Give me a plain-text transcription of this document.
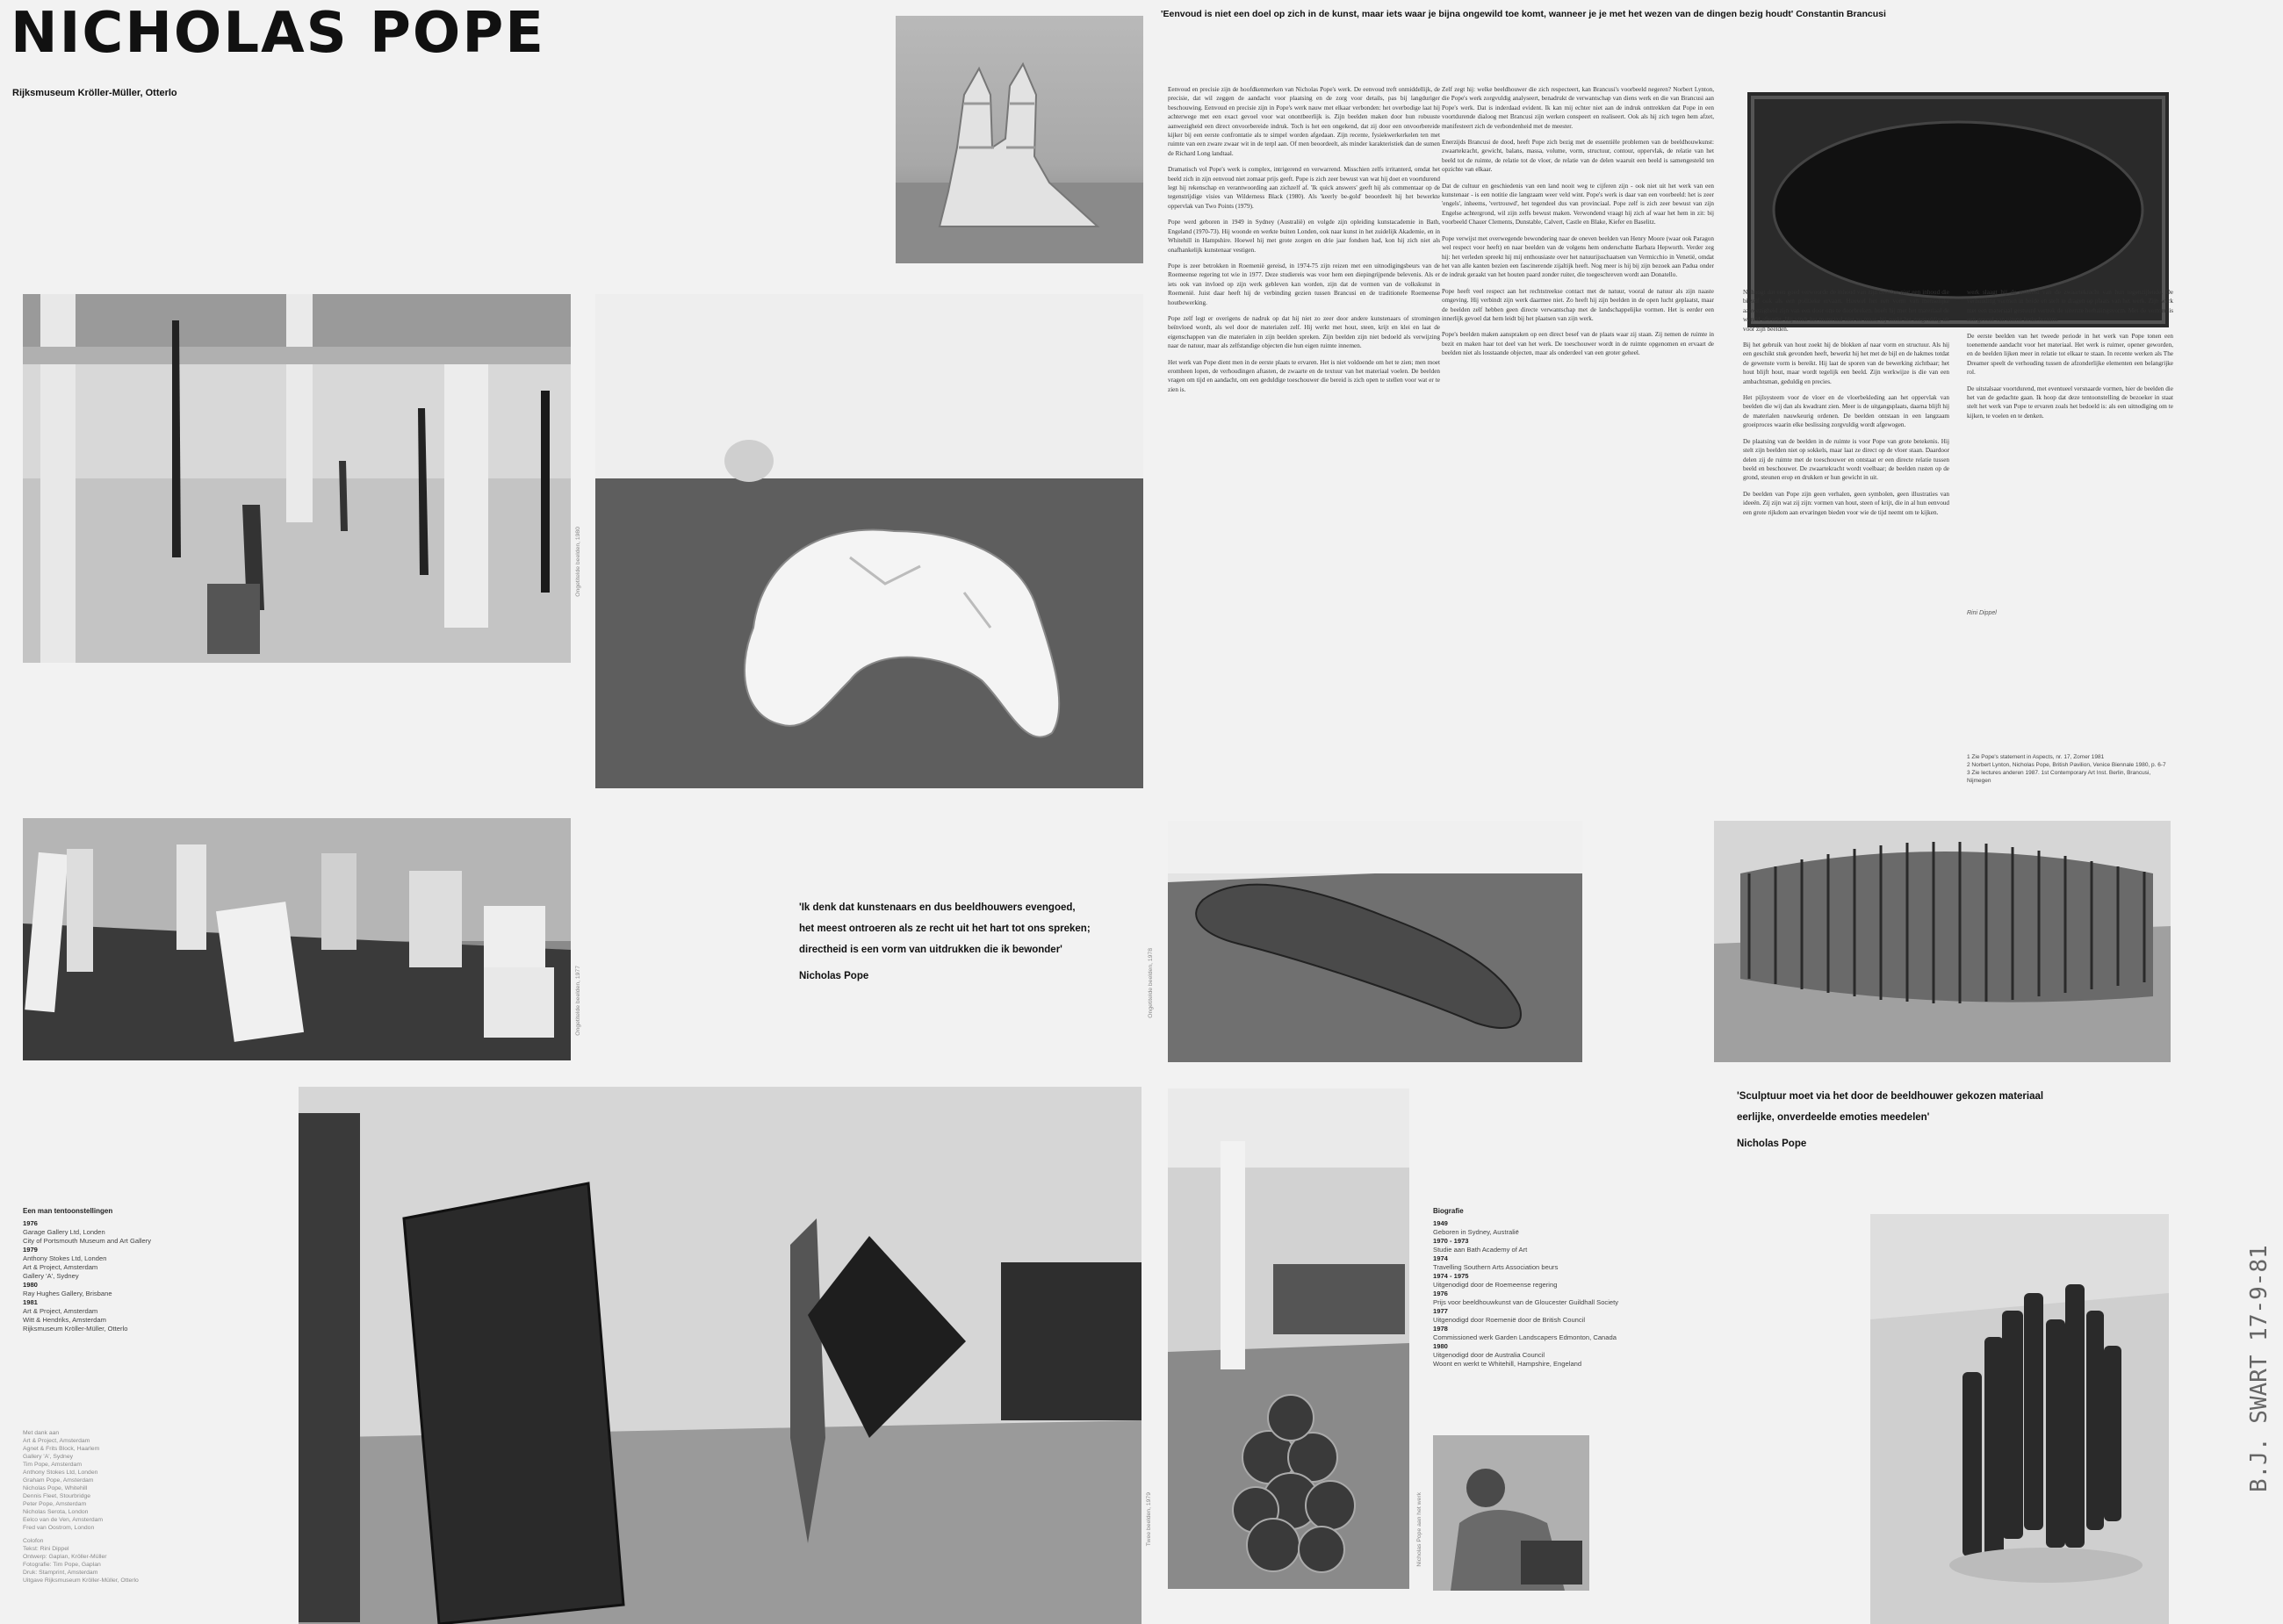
NICHOLAS POPE
Rijksmuseum Kröller-Müller, Otterlo
'Eenvoud is niet een doel op zich in de kunst, maar iets waar je bijna ongewild toe komt, wanneer je je met het wezen van de dingen bezig houdt' Constantin Brancusi

Eenvoud en precisie zijn de hoofdkenmerken van Nicholas Pope's werk. De eenvoud treft onmiddellijk, de precisie, dat wil zeggen de aandacht voor plaatsing en de zorg voor details, pas bij langduriger beschouwing. Eenvoud en precisie zijn in Pope's werk nauw met elkaar verbonden: het overbodige laat hij achterwege met een exact gevoel voor wat onontbeerlijk is. Zijn beelden maken door hun robuuste aanwezigheid een direct onvoorbereide indruk. Toch is het een ongekend, dat zij door een onvoorbereide kijker bij een eerste confrontatie als te simpel worden afgedaan. Zijn recente, fysiekwerkerkelen ten met ruimte van een zware zwaar wit in de terpl aan. Of men beoordeelt, als minder karakteristiek dan de sumen de Richard Long landtaal.

Dramatisch vol Pope's werk is complex, intrigerend en verwarrend. Misschien zelfs irritanterd, omdat het beeld zich in zijn eenvoud niet zomaar prijs geeft. Pope is zich zeer bewust van wat hij doet en voortdurend legt hij rekenschap en verantwoording aan zichzelf af. 'Ik quick answers' geeft hij als commentaar op de tegenstrijdige visies van Wilderness Black (1980). Als 'keerly be-gold' beoordeelt hij het bewerkte oppervlak van Two Points (1979).

Pope werd geboren in 1949 in Sydney (Australië) en volgde zijn opleiding kunstacademie in Bath, Engeland (1970-73). Hij woonde en werkte buiten Londen, ook naar kunst in het zuidelijk Akademie, en in Whitehill in Hampshire. Hoewel hij met grote zorgen en drie jaar fondsen had, kon hij zich niet als onafhankelijk kunstenaar vestigen.

Pope is zeer betrokken in Roemenië gereisd, in 1974-75 zijn reizen met een uitnodigingsbeurs van de Roemeense regering tot wie in 1977. Deze studiereis was voor hem een diepingrijpende belevenis. Als er iets ook van invloed op zijn werk gebleven kan worden, zijn dat de vormen van de volkskunst in Roemenië. Juist daar heeft hij de verbinding gezien tussen Brancusi en de traditionele Roemeense houtbewerking.

Pope zelf legt er overigens de nadruk op dat hij niet zo zeer door andere kunstenaars of stromingen beïnvloed wordt, als wel door de materialen zelf. Hij werkt met hout, steen, krijt en klei en laat de eigenschappen van die materialen in zijn beelden spreken. Zijn beelden zijn niet bedoeld als verwijzing naar de natuur, maar als zelfstandige objecten die hun eigen ruimte innemen.

Het werk van Pope dient men in de eerste plaats te ervaren. Het is niet voldoende om het te zien; men moet eromheen lopen, de verhoudingen aftasten, de zwaarte en de textuur van het materiaal voelen. De beelden vragen om tijd en aandacht, om een geduldige toeschouwer die bereid is zich open te stellen voor wat er te zien is.

Zelf zegt hij: welke beeldhouwer die zich respecteert, kan Brancusi's voorbeeld negeren? Norbert Lynton, die Pope's werk zorgvuldig analyseert, benadrukt de verwantschap van diens werk en die van Brancusi aan Pope's werk. Dat is inderdaad evident. Ik kan mij echter niet aan de indruk onttrekken dat Pope in een voortdurende dialoog met Brancusi zijn werken conspeert en realiseert. Ook als hij zich tegen hem afzet, manifesteert zich de verbondenheid met de meester.

Enerzijds Brancusi de dood, heeft Pope zich bezig met de essentiële problemen van de beeldhouwkunst: zwaartekracht, gewicht, balans, massa, volume, vorm, structuur, contour, oppervlak, de relatie van het beeld tot de ruimte, de relatie tot de vloer, de relatie van de delen waaruit een beeld is samengesteld ten opzichte van elkaar.

Dat de cultuur en geschiedenis van een land nooit weg te cijferen zijn - ook niet uit het werk van een kunstenaar - is een notitie die langzaam weer veld wint. Pope's werk is daar van een voorbeeld: het is zeer 'engels', inheems, 'vertrouwd', het tegendeel dus van provinciaal. Pope zelf is zich zeer bewust van zijn Engelse achtergrond, wil zijn zelfs bewust maken. Verwondend vraagt hij zich af waar het hem in zit: bij voorbeeld Chauer Clements, Dunstable, Calvert, Castle en Blake, Kiefer en Baselitz.

Pope verwijst met overwegende bewondering naar de oneven beelden van Henry Moore (waar ook Paragon wel respect voor heeft) en naar beelden van de volgens hem onderschatte Barbara Hepworth. Verder zeg hij: het verleden spreekt hij mij enthousiaste over het natuurijsschaatsen van Vermicchio in Venetië, omdat het van alle kanten bezien een fascinerende zijaltijk heeft. Nog meer is hij bij zijn bezoek aan Padua onder de indruk geraakt van het houten paard zonder ruiter, die toegeschreven wordt aan Donatello.

Pope heeft veel respect aan het rechtstreekse contact met de natuur, vooral de natuur als zijn naaste omgeving. Hij verbindt zijn werk daarmee niet. Zo heeft hij zijn beelden in de open lucht geplaatst, maar de beelden zelf hebben geen directe verwantschap met de landschappelijke vormen. Het is eerder een innerlijk gevoel dat hem leidt bij het plaatsen van zijn werk.

Pope's beelden maken aanspraken op een direct besef van de plaats waar zij staan. Zij nemen de ruimte in bezit en maken haar tot deel van het werk. De toeschouwer wordt in de ruimte opgenomen en ervaart de beelden niet als losstaande objecten, maar als onderdeel van een groter geheel.

Ni hoogt dat een goed verwoorde de inhoud van zijn beelden niet een inhoud die bijzelf ook als een politieke ervaart. Hoewel het een vorm van menselijke aanwezigheid zijn van een door ons te doorbreken, heeft hij met het materiaal de wereld afwerkt. Hij vindt het materiaal niet zo maar, hij zoekt het zorgvuldig uit voor zijn beelden.

Bij het gebruik van hout zoekt hij de blokken af naar vorm en structuur. Als hij een geschikt stuk gevonden heeft, bewerkt hij het met de bijl en de hakmes totdat de gewenste vorm is bereikt. Hij laat de sporen van de bewerking zichtbaar; het hout blijft hout, maar wordt tegelijk een beeld. Zijn werkwijze is die van een ambachtsman, geduldig en precies.

Het pijlsysteem voor de vloer en de vloerbekleding aan het oppervlak van beelden die wij dan als kwadrant zien. Meer is de uitgangsplaats, daarna blijft hij de materialen nauwkeurig ordenen. De beelden ontstaan in een langzaam groeiproces waarin elke beslissing zorgvuldig wordt afgewogen.

De plaatsing van de beelden in de ruimte is voor Pope van grote betekenis. Hij stelt zijn beelden niet op sokkels, maar laat ze direct op de vloer staan. Daardoor delen zij de ruimte met de toeschouwer en ontstaat er een directe relatie tussen beeld en beschouwer. De zwaartekracht wordt voelbaar; de beelden rusten op de grond, steunen erop en drukken er hun gewicht in uit.

De beelden van Pope zijn geen verhalen, geen symbolen, geen illustraties van ideeën. Zij zijn wat zij zijn: vormen van hout, steen of krijt, die in al hun eenvoud een grote rijkdom aan ervaringen bieden voor wie de tijd neemt om te kijken.

werk slaagt hij de eenheid van de zwaartekracht van hun tegenzijlende. De verhouding vormen in beide en stelt te dragen op plaats van het werk. Zijn werk met een materiaal gestuurd vertrek de uiterste herhalingsvorm. Met de vormen is een gevoel van uiterst bedachtzaam.

De eerste beelden van het tweede periode in het werk van Pope tonen een toenemende aandacht voor het materiaal. Het werk is ruimer, opener geworden, en de beelden lijken meer in relatie tot elkaar te staan. In recente werken als The Dreamer speelt de verhouding tussen de afzonderlijke elementen een belangrijke rol.

De uitstalsaar voortdurend, met eventueel versnaarde vormen, hier de beelden die het van de gedachte gaan. Ik hoop dat deze tentoonstelling de bezoeker in staat stelt het werk van Pope te ervaren zoals het bedoeld is: als een uitnodiging om te kijken, te voelen en te denken.

Rini Dippel
1 Zie Pope's statement in Aspects, nr. 17, Zomer 1981
2 Norbert Lynton, Nicholas Pope, British Pavilion, Venice Biennale 1980, p. 6-7
3 Zie lectures anderen 1987. 1st Contemporary Art Inst. Berlin, Brancusi, Nijmegen
'Ik denk dat kunstenaars en dus beeldhouwers evengoed,
het meest ontroeren als ze recht uit het hart tot ons spreken;
directheid is een vorm van uitdrukken die ik bewonder'
Nicholas Pope
'Sculptuur moet via het door de beeldhouwer gekozen materiaal
eerlijke, onverdeelde emoties meedelen'
Nicholas Pope
Een man tentoonstellingen
1976
Garage Gallery Ltd, Londen
City of Portsmouth Museum and Art Gallery
1979
Anthony Stokes Ltd, Londen
Art & Project, Amsterdam
Gallery 'A', Sydney
1980
Ray Hughes Gallery, Brisbane
1981
Art & Project, Amsterdam
Witt & Hendriks, Amsterdam
Rijksmuseum Kröller-Müller, Otterlo
Met dank aan
Art & Project, Amsterdam
Agnet & Frits Block, Haarlem
Gallery 'A', Sydney
Tim Pope, Amsterdam
Anthony Stokes Ltd, Londen
Graham Pope, Amsterdam
Nicholas Pope, Whitehill
Dennis Fleet, Stourbridge
Peter Pope, Amsterdam
Nicholas Serota, London
Eelco van de Ven, Amsterdam
Fred van Oostrom, London
Colofon
Tekst: Rini Dippel
Ontwerp: Gaplan, Kröller-Müller
Fotografie: Tim Pope, Gaplan
Druk: Stamprint, Amsterdam
Uitgave Rijksmuseum Kröller-Müller, Otterlo
Biografie
1949
Geboren in Sydney, Australië
1970 - 1973
Studie aan Bath Academy of Art
1974
Travelling Southern Arts Association beurs
1974 - 1975
Uitgenodigd door de Roemeense regering
1976
Prijs voor beeldhouwkunst van de Gloucester Guildhall Society
1977
Uitgenodigd door Roemenië door de British Council
1978
Commissioned werk Garden Landscapers Edmonton, Canada
1980
Uitgenodigd door de Australia Council
Woont en werkt te Whitehill, Hampshire, Engeland
Ongetitelde beelden, 1980
Ongetitelde beelden, 1977	Ongetitelde beelden, 1978
Twee beelden, 1979	Nicholas Pope aan het werk
B.J. SWART 17-9-81
